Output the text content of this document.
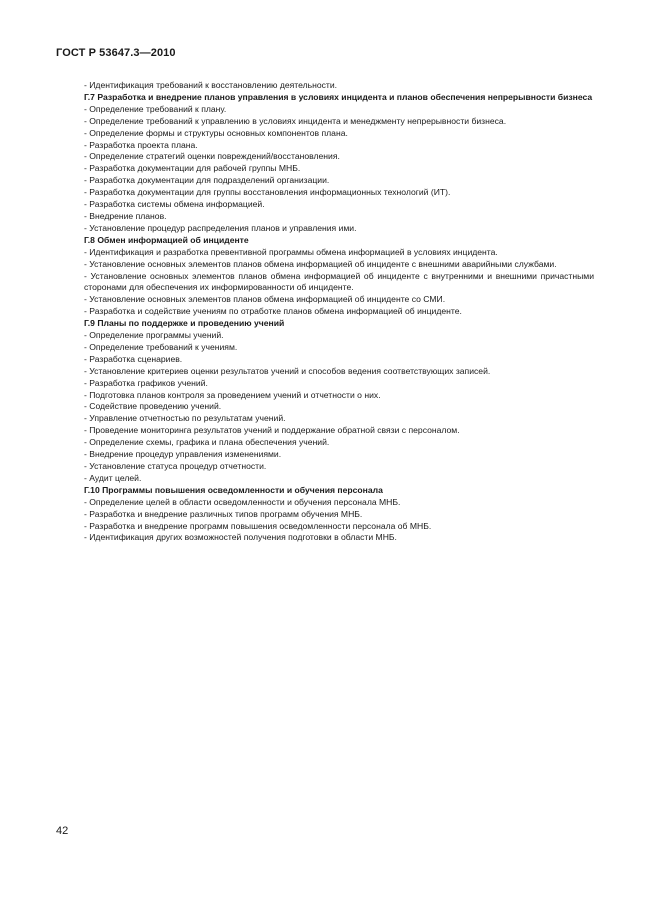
ГОСТ Р 53647.3—2010

- Идентификация требований к восстановлению деятельности.

Г.7 Разработка и внедрение планов управления в условиях инцидента и планов обеспечения непрерывности бизнеса

- Определение требований к плану.

- Определение требований к управлению в условиях инцидента и менеджменту непрерывности бизнеса.

- Определение формы и структуры основных компонентов плана.

- Разработка проекта плана.

- Определение стратегий оценки повреждений/восстановления.

- Разработка документации для рабочей группы МНБ.

- Разработка документации для подразделений организации.

- Разработка документации для группы восстановления информационных технологий (ИТ).

- Разработка системы обмена информацией.

- Внедрение планов.

- Установление процедур распределения планов и управления ими.

Г.8 Обмен информацией об инциденте

- Идентификация и разработка превентивной программы обмена информацией в условиях инцидента.

- Установление основных элементов планов обмена информацией об инциденте с внешними аварийными службами.

- Установление основных элементов планов обмена информацией об инциденте с внутренними и внешними причастными сторонами для обеспечения их информированности об инциденте.

- Установление основных элементов планов обмена информацией об инциденте со СМИ.

- Разработка и содействие учениям по отработке планов обмена информацией об инциденте.

Г.9 Планы по поддержке и проведению учений

- Определение программы учений.

- Определение требований к учениям.

- Разработка сценариев.

- Установление критериев оценки результатов учений и способов ведения соответствующих записей.

- Разработка графиков учений.

- Подготовка планов контроля за проведением учений и отчетности о них.

- Содействие проведению учений.

- Управление отчетностью по результатам учений.

- Проведение мониторинга результатов учений и поддержание обратной связи с персоналом.

- Определение схемы, графика и плана обеспечения учений.

- Внедрение процедур управления изменениями.

- Установление статуса процедур отчетности.

- Аудит целей.

Г.10 Программы повышения осведомленности и обучения персонала

- Определение целей в области осведомленности и обучения персонала МНБ.

- Разработка и внедрение различных типов программ обучения МНБ.

- Разработка и внедрение программ повышения осведомленности персонала об МНБ.

- Идентификация других возможностей получения подготовки в области МНБ.

42
